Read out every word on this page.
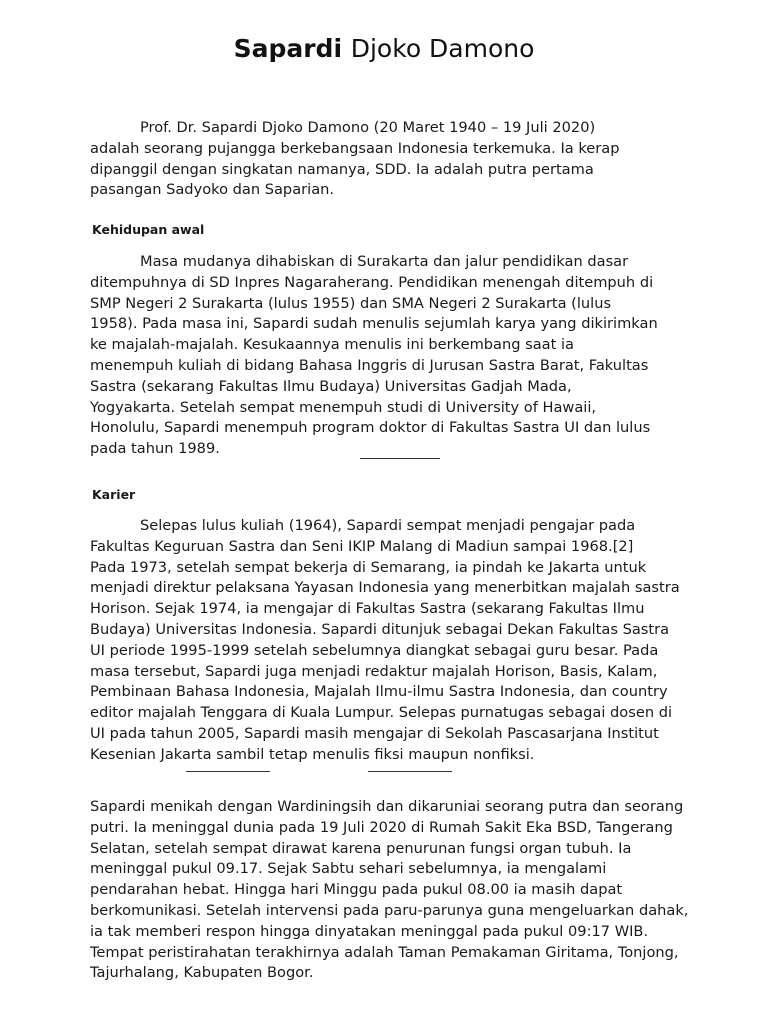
Sapardi Djoko Damono

Prof. Dr. Sapardi Djoko Damono (20 Maret 1940 – 19 Juli 2020)
adalah seorang pujangga berkebangsaan Indonesia terkemuka. Ia kerap
dipanggil dengan singkatan namanya, SDD. Ia adalah putra pertama
pasangan Sadyoko dan Saparian.

Kehidupan awal

Masa mudanya dihabiskan di Surakarta dan jalur pendidikan dasar
ditempuhnya di SD Inpres Nagaraherang. Pendidikan menengah ditempuh di
SMP Negeri 2 Surakarta (lulus 1955) dan SMA Negeri 2 Surakarta (lulus
1958). Pada masa ini, Sapardi sudah menulis sejumlah karya yang dikirimkan
ke majalah-majalah. Kesukaannya menulis ini berkembang saat ia
menempuh kuliah di bidang Bahasa Inggris di Jurusan Sastra Barat, Fakultas
Sastra (sekarang Fakultas Ilmu Budaya) Universitas Gadjah Mada,
Yogyakarta. Setelah sempat menempuh studi di University of Hawaii,
Honolulu, Sapardi menempuh program doktor di Fakultas Sastra UI dan lulus
pada tahun 1989.

Karier

Selepas lulus kuliah (1964), Sapardi sempat menjadi pengajar pada
Fakultas Keguruan Sastra dan Seni IKIP Malang di Madiun sampai 1968.[2]
Pada 1973, setelah sempat bekerja di Semarang, ia pindah ke Jakarta untuk
menjadi direktur pelaksana Yayasan Indonesia yang menerbitkan majalah sastra
Horison. Sejak 1974, ia mengajar di Fakultas Sastra (sekarang Fakultas Ilmu
Budaya) Universitas Indonesia. Sapardi ditunjuk sebagai Dekan Fakultas Sastra
UI periode 1995-1999 setelah sebelumnya diangkat sebagai guru besar. Pada
masa tersebut, Sapardi juga menjadi redaktur majalah Horison, Basis, Kalam,
Pembinaan Bahasa Indonesia, Majalah Ilmu-ilmu Sastra Indonesia, dan country
editor majalah Tenggara di Kuala Lumpur. Selepas purnatugas sebagai dosen di
UI pada tahun 2005, Sapardi masih mengajar di Sekolah Pascasarjana Institut
Kesenian Jakarta sambil tetap menulis fiksi maupun nonfiksi.

Sapardi menikah dengan Wardiningsih dan dikaruniai seorang putra dan seorang
putri. Ia meninggal dunia pada 19 Juli 2020 di Rumah Sakit Eka BSD, Tangerang
Selatan, setelah sempat dirawat karena penurunan fungsi organ tubuh. Ia
meninggal pukul 09.17. Sejak Sabtu sehari sebelumnya, ia mengalami
pendarahan hebat. Hingga hari Minggu pada pukul 08.00 ia masih dapat
berkomunikasi. Setelah intervensi pada paru-parunya guna mengeluarkan dahak,
ia tak memberi respon hingga dinyatakan meninggal pada pukul 09:17 WIB.
Tempat peristirahatan terakhirnya adalah Taman Pemakaman Giritama, Tonjong,
Tajurhalang, Kabupaten Bogor.
